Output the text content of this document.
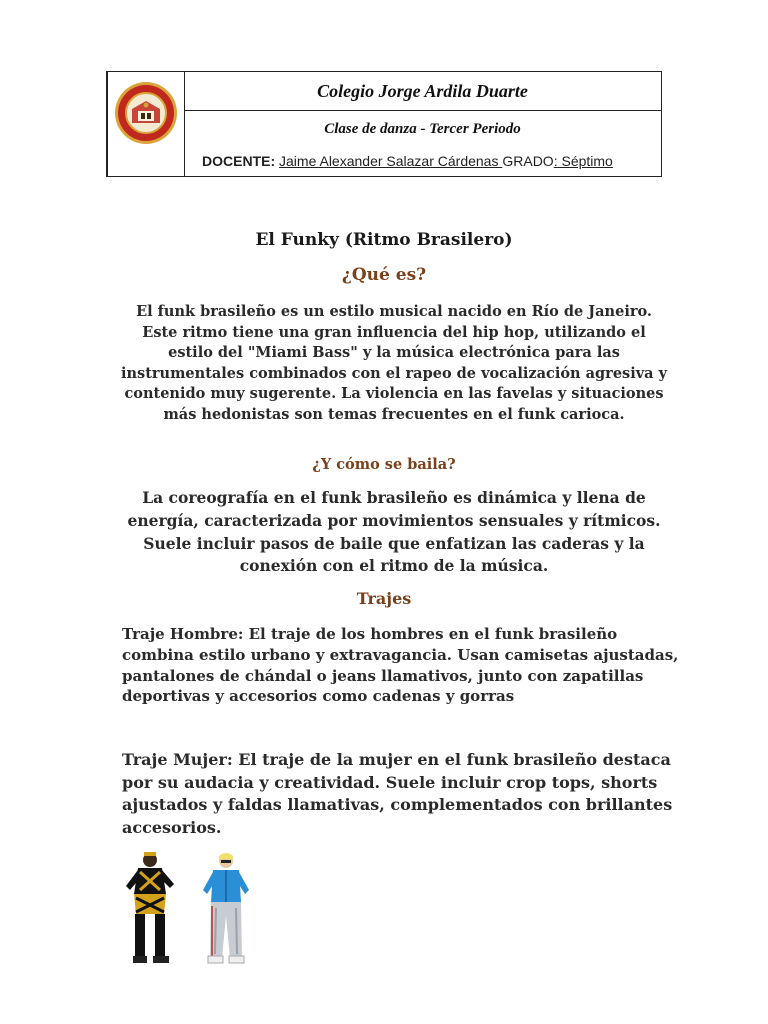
Colegio Jorge Ardila Duarte
Clase de danza - Tercer Periodo
DOCENTE: Jaime Alexander Salazar Cárdenas GRADO: Séptimo
El Funky (Ritmo Brasilero)
¿Qué es?
El funk brasileño es un estilo musical nacido en Río de Janeiro. Este ritmo tiene una gran influencia del hip hop, utilizando el estilo del "Miami Bass" y la música electrónica para las instrumentales combinados con el rapeo de vocalización agresiva y contenido muy sugerente. La violencia en las favelas y situaciones más hedonistas son temas frecuentes en el funk carioca.
¿Y cómo se baila?
La coreografía en el funk brasileño es dinámica y llena de energía, caracterizada por movimientos sensuales y rítmicos. Suele incluir pasos de baile que enfatizan las caderas y la conexión con el ritmo de la música.
Trajes
Traje Hombre: El traje de los hombres en el funk brasileño combina estilo urbano y extravagancia. Usan camisetas ajustadas, pantalones de chándal o jeans llamativos, junto con zapatillas deportivas y accesorios como cadenas y gorras
Traje Mujer: El traje de la mujer en el funk brasileño destaca por su audacia y creatividad. Suele incluir crop tops, shorts ajustados y faldas llamativas, complementados con brillantes accesorios.
